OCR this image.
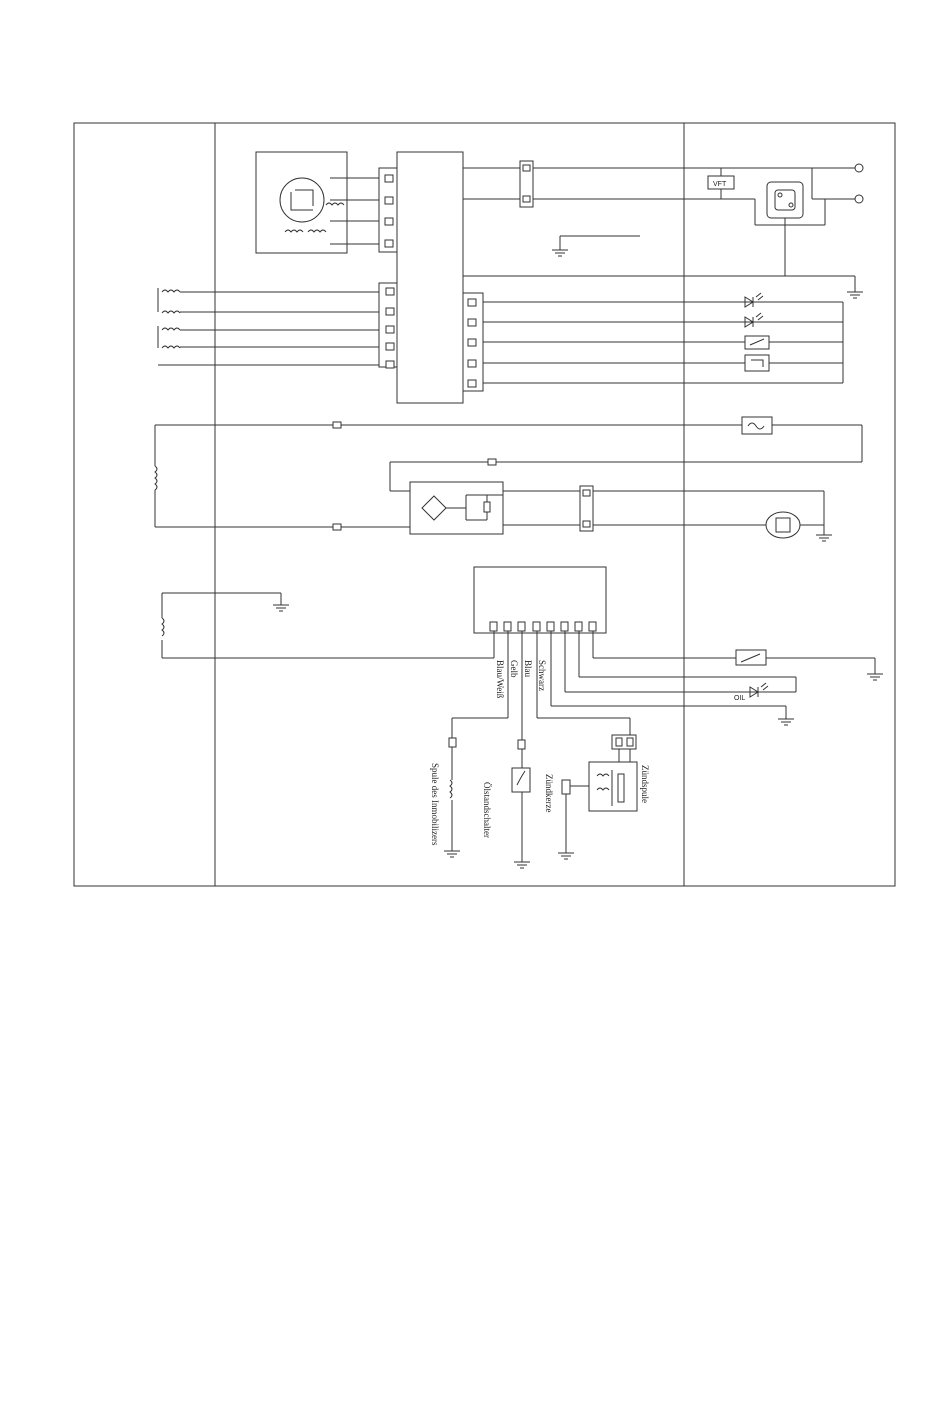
VFT
Blau/Weiß Gelb Blau Schwarz
OIL
Spule des Inmobilizers	Ölstandschalter	Zündspule
Zündkerze
